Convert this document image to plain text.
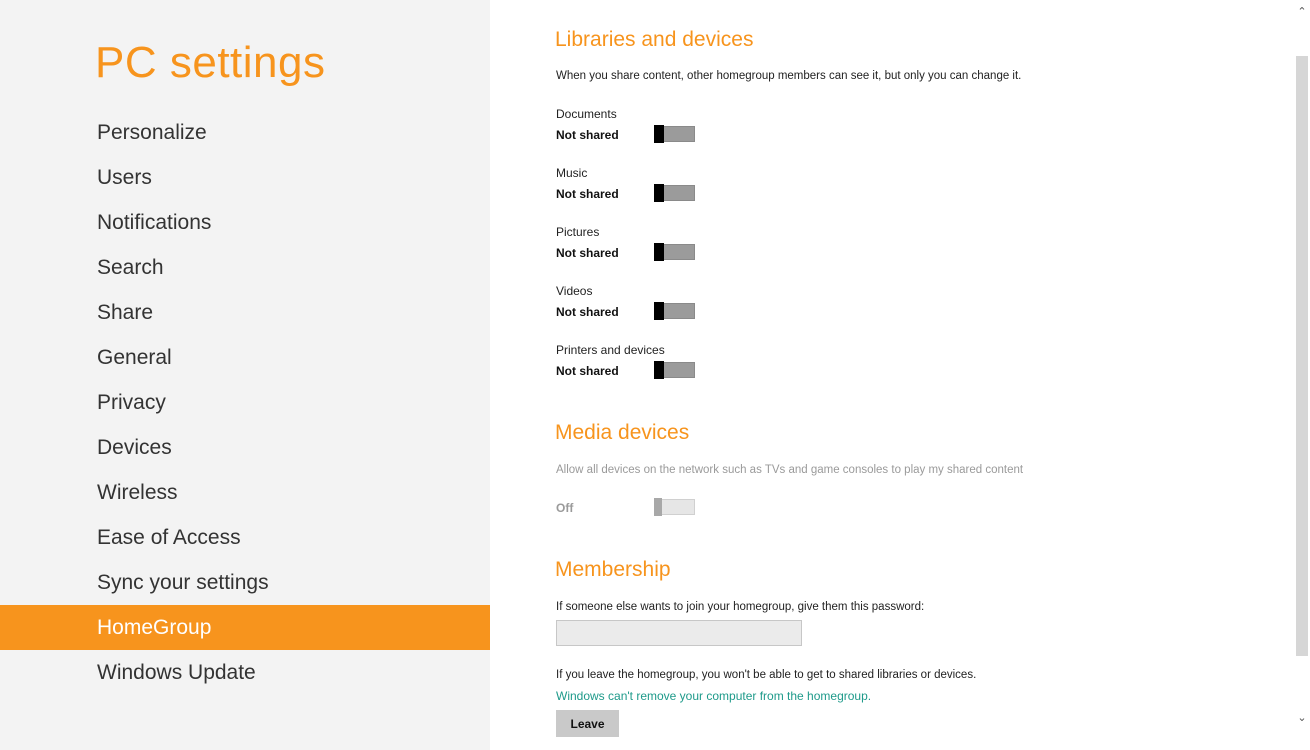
PC settings
Personalize
Users
Notifications
Search
Share
General
Privacy
Devices
Wireless
Ease of Access
Sync your settings
HomeGroup
Windows Update
Libraries and devices
When you share content, other homegroup members can see it, but only you can change it.
Documents
Not shared
Music
Not shared
Pictures
Not shared
Videos
Not shared
Printers and devices
Not shared
Media devices
Allow all devices on the network such as TVs and game consoles to play my shared content
Off
Membership
If someone else wants to join your homegroup, give them this password:
If you leave the homegroup, you won't be able to get to shared libraries or devices.
Windows can't remove your computer from the homegroup.
Leave
⌃
⌄
